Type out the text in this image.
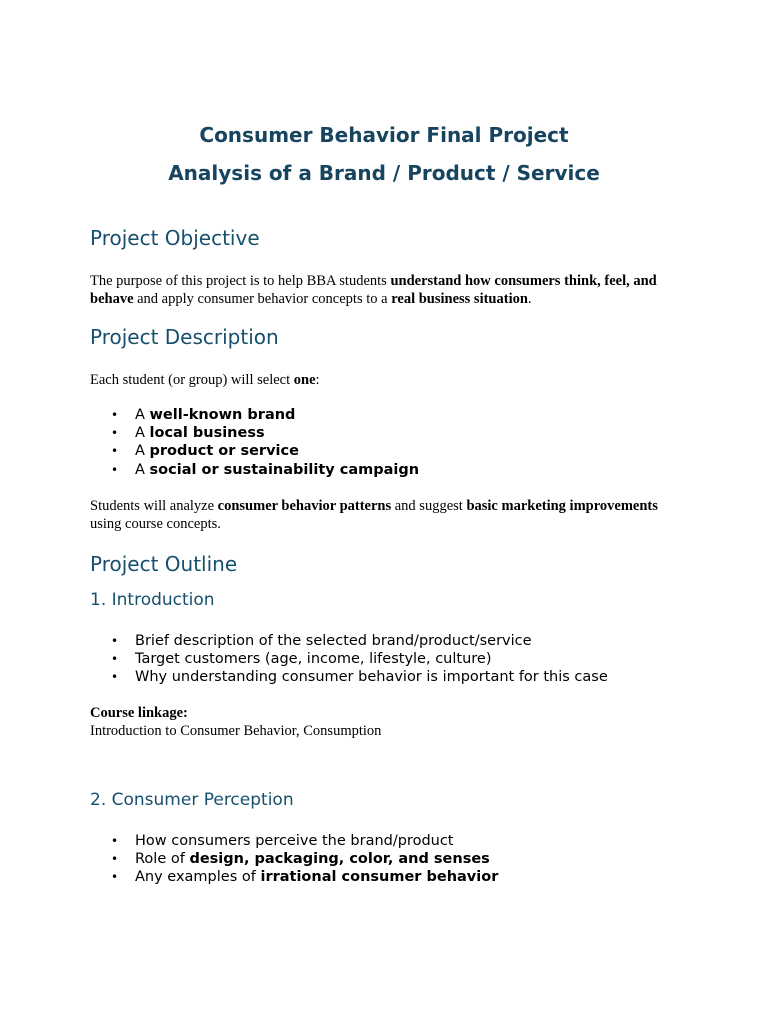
Consumer Behavior Final Project
Analysis of a Brand / Product / Service
Project Objective

The purpose of this project is to help BBA students understand how consumers think, feel, and behave and apply consumer behavior concepts to a real business situation.

Project Description

Each student (or group) will select one:

• A well-known brand
• A local business
• A product or service
• A social or sustainability campaign

Students will analyze consumer behavior patterns and suggest basic marketing improvements using course concepts.

Project Outline
1. Introduction
• Brief description of the selected brand/product/service
• Target customers (age, income, lifestyle, culture)
• Why understanding consumer behavior is important for this case

Course linkage:
Introduction to Consumer Behavior, Consumption

2. Consumer Perception
• How consumers perceive the brand/product
• Role of design, packaging, color, and senses
• Any examples of irrational consumer behavior
